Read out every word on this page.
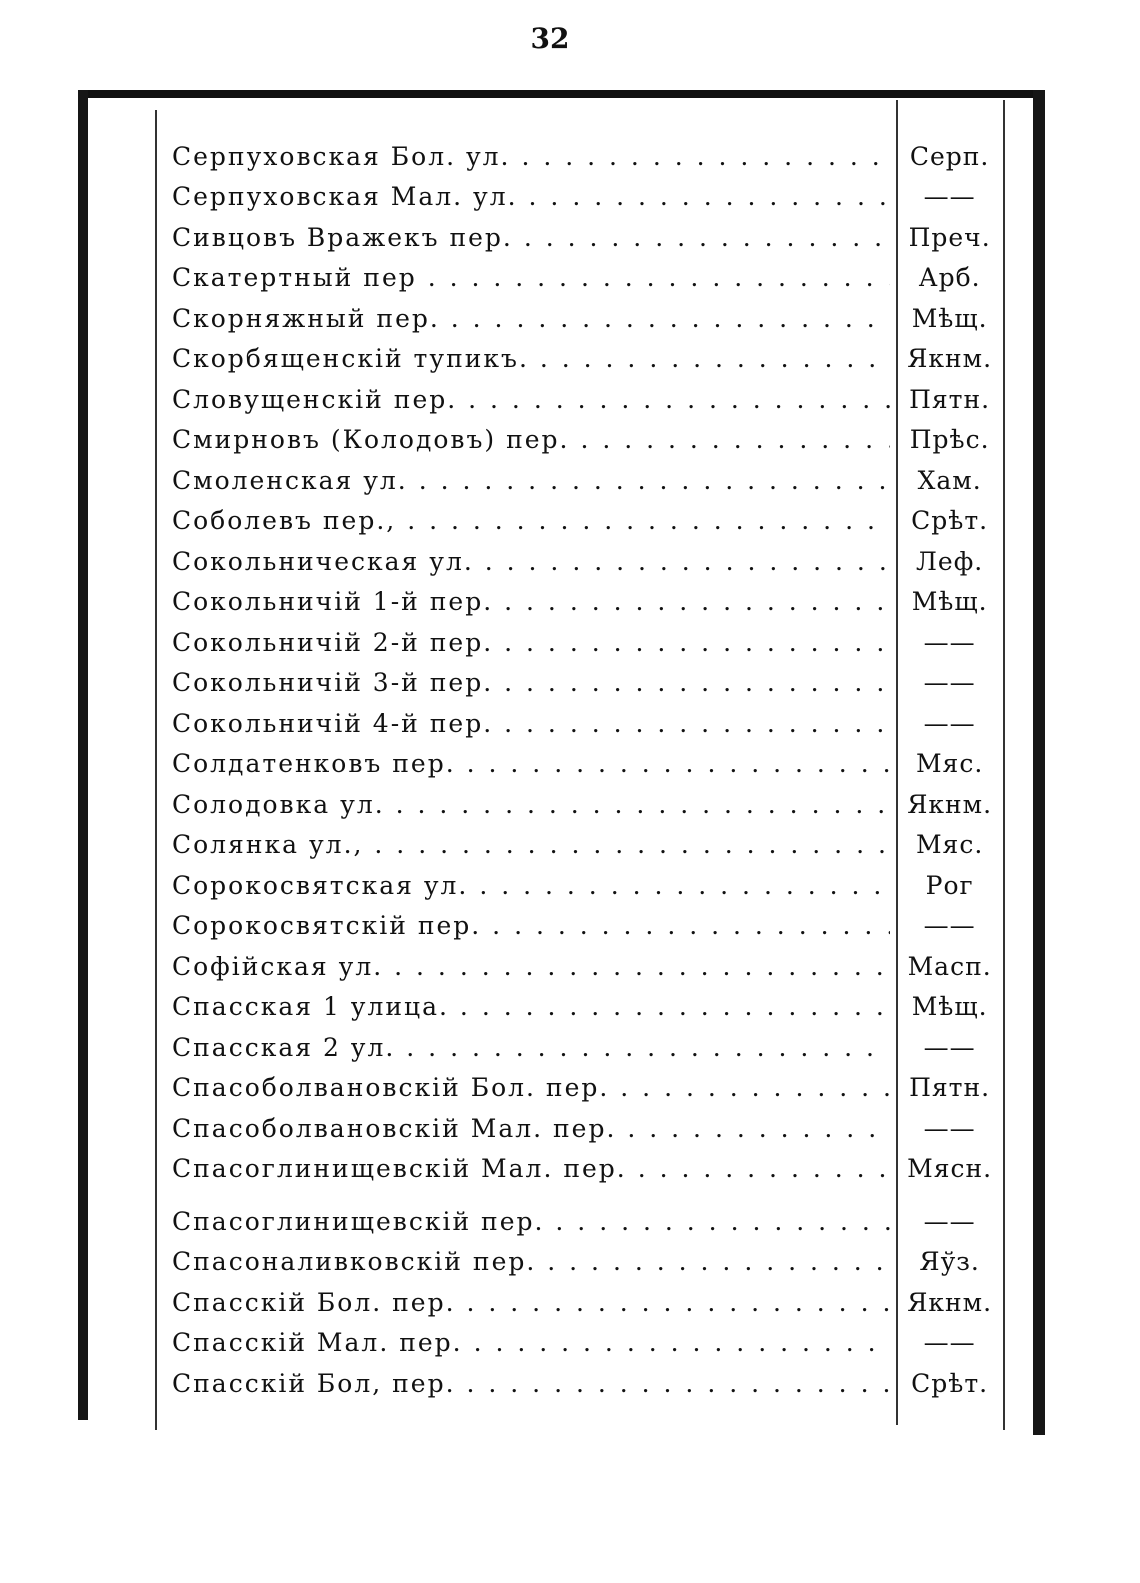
32
Серпуховская Бол. ул. . . .	Серп.
Серпуховская Мал. ул. . . .	——
Сивцовъ Вражекъ пер. . . .	Преч.
Скатертный пер . . .	Арб.
Скорняжный пер. . . .	Мѣщ.
Скорбященскій тупикъ. . . .	Якнм.
Словущенскій пер. . . .	Пятн.
Смирновъ (Колодовъ) пер. . . .	Прѣс.
Смоленская ул. . . .	Хам.
Соболевъ пер., . . .	Срѣт.
Сокольническая ул. . . .	Леф.
Сокольничій 1-й пер. . . .	Мѣщ.
Сокольничій 2-й пер. . . .	——
Сокольничій 3-й пер. . . .	——
Сокольничій 4-й пер. . . .	——
Солдатенковъ пер. . . .	Мяс.
Солодовка ул. . . .	Якнм.
Солянка ул., . . .	Мяс.
Сорокосвятская ул. . . .	Рог
Сорокосвятскій пер. . . .	——
Софійская ул. . . .	Масп.
Спасская 1 улица. . . .	Мѣщ.
Спасская 2 ул. . . .	——
Спасоболвановскій Бол. пер. . . .	Пятн.
Спасоболвановскій Мал. пер. . . .	——
Спасоглинищевскій Мал. пер. . . .	Мясн.
Спасоглинищевскій пер. . . .	——
Спасоналивковскій пер. . . .	Яўз.
Спасскій Бол. пер. . . .	Якнм.
Спасскій Мал. пер. . . .	——
Спасскій Бол, пер. . . .	Срѣт.
